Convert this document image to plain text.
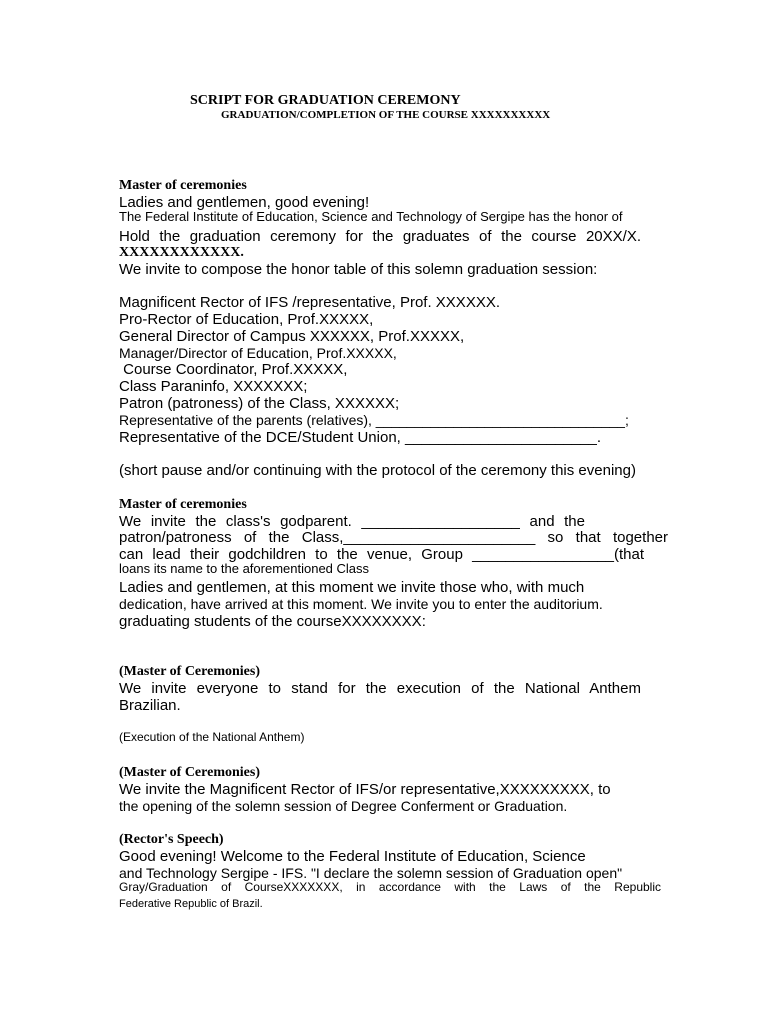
SCRIPT FOR GRADUATION CEREMONY
GRADUATION/COMPLETION OF THE COURSE XXXXXXXXXX
Master of ceremonies
Ladies and gentlemen, good evening!
The Federal Institute of Education, Science and Technology of Sergipe has the honor of
Hold the graduation ceremony for the graduates of the course 20XX/X.
XXXXXXXXXXXX.
We invite to compose the honor table of this solemn graduation session:
Magnificent Rector of IFS /representative, Prof. XXXXXX.
Pro-Rector of Education, Prof.XXXXX,
General Director of Campus XXXXXX, Prof.XXXXX,
Manager/Director of Education, Prof.XXXXX,
Course Coordinator, Prof.XXXXX,
Class Paraninfo, XXXXXXX;
Patron (patroness) of the Class, XXXXXX;
Representative of the parents (relatives), ________________________________;
Representative of the DCE/Student Union, _______________________.
(short pause and/or continuing with the protocol of the ceremony this evening)
Master of ceremonies
We invite the class's godparent. ___________________ and the
patron/patroness of the Class,_______________________ so that together
can lead their godchildren to the venue, Group _________________(that
loans its name to the aforementioned Class
Ladies and gentlemen, at this moment we invite those who, with much
dedication, have arrived at this moment. We invite you to enter the auditorium.
graduating students of the courseXXXXXXXX:
(Master of Ceremonies)
We invite everyone to stand for the execution of the National Anthem
Brazilian.
(Execution of the National Anthem)
(Master of Ceremonies)
We invite the Magnificent Rector of IFS/or representative,XXXXXXXXX, to
the opening of the solemn session of Degree Conferment or Graduation.
(Rector's Speech)
Good evening! Welcome to the Federal Institute of Education, Science
and Technology Sergipe - IFS. "I declare the solemn session of Graduation open"
Gray/Graduation of CourseXXXXXXX, in accordance with the Laws of the Republic
Federative Republic of Brazil.
